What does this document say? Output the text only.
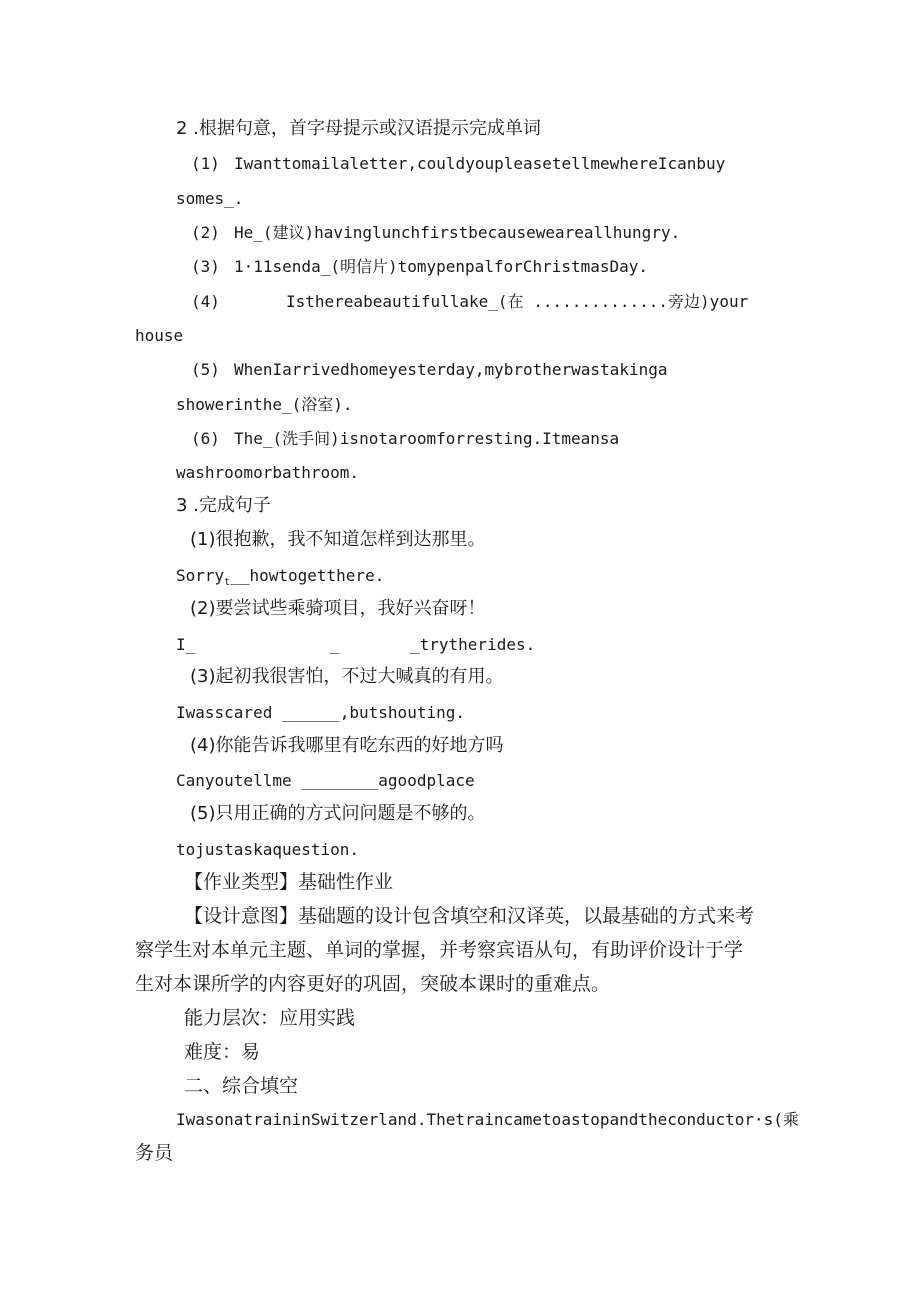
2 .根据句意，首字母提示或汉语提示完成单词
(1) Iwanttomailaletter,couldyoupleasetellmewhereIcanbuy
somes_.
(2) He_(建议)havinglunchfirstbecauseweareallhungry.
(3) 1·11senda_(明信片)tomypenpalforChristmasDay.
(4)	Isthereabeautifullake_(在 ..............旁边)your
house
(5) WhenIarrivedhomeyesterday,mybrotherwastakinga
showerinthe_(浴室).
(6) The_(洗手间)isnotaroomforresting.Itmeansa
washroomorbathroom.
3 .完成句子
(1)很抱歉，我不知道怎样到达那里。
Sorry$_t$__howtogetthere.
(2)要尝试些乘骑项目，我好兴奋呀！
I_	_	_trytherides.
(3)起初我很害怕，不过大喊真的有用。
Iwasscared ______,butshouting.
(4)你能告诉我哪里有吃东西的好地方吗
Canyoutellme ________agoodplace
(5)只用正确的方式问问题是不够的。
tojustaskaquestion.
【作业类型】基础性作业
【设计意图】基础题的设计包含填空和汉译英，以最基础的方式来考
察学生对本单元主题、单词的掌握，并考察宾语从句，有助评价设计于学
生对本课所学的内容更好的巩固，突破本课时的重难点。
能力层次：应用实践
难度：易
二、综合填空
IwasonatraininSwitzerland.Thetraincametoastopandtheconductor·s(乘
务员
